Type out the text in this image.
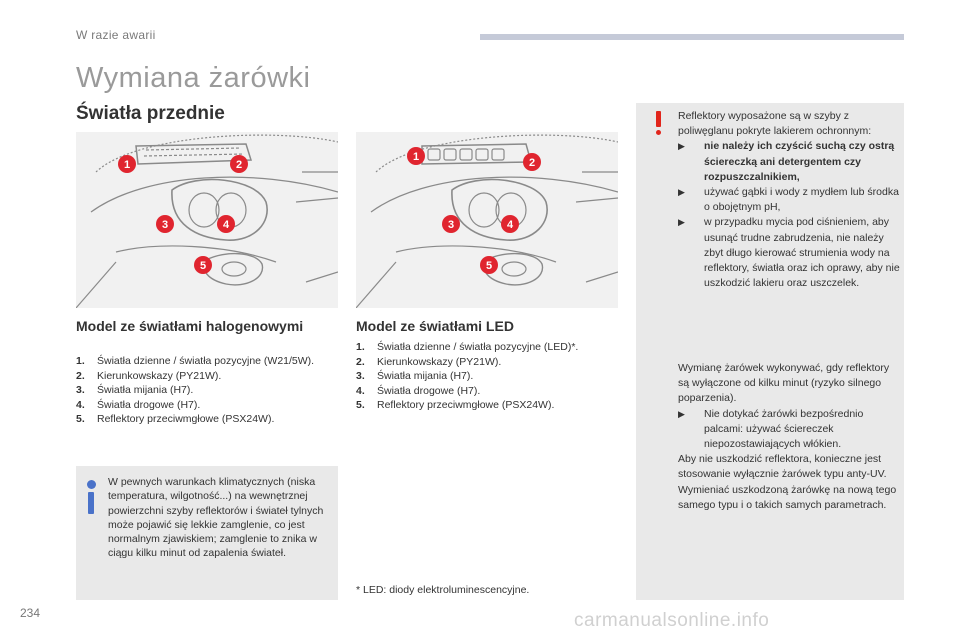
W razie awarii
Wymiana żarówki
Światła przednie
1	2
3	4
5
1	2
3	4
5
Model ze światłami halogenowymi	Model ze światłami LED
1.	Światła dzienne / światła pozycyjne (W21/5W).
2.	Kierunkowskazy (PY21W).
3.	Światła mijania (H7).
4.	Światła drogowe (H7).
5.	Reflektory przeciwmgłowe (PSX24W).
1.	Światła dzienne / światła pozycyjne (LED)*.
2.	Kierunkowskazy (PY21W).
3.	Światła mijania (H7).
4.	Światła drogowe (H7).
5.	Reflektory przeciwmgłowe (PSX24W).
W pewnych warunkach klimatycznych (niska temperatura, wilgotność...) na wewnętrznej powierzchni szyby reflektorów i świateł tylnych może pojawić się lekkie zamglenie, co jest normalnym zjawiskiem; zamglenie to znika w ciągu kilku minut od zapalenia świateł.
* LED: diody elektroluminescencyjne.
Reflektory wyposażone są w szyby z poliwęglanu pokryte lakierem ochronnym:
▶	nie należy ich czyścić suchą czy ostrą ściereczką ani detergentem czy rozpuszczalnikiem,
▶	używać gąbki i wody z mydłem lub środka o obojętnym pH,
▶	w przypadku mycia pod ciśnieniem, aby usunąć trudne zabrudzenia, nie należy zbyt długo kierować strumienia wody na reflektory, światła oraz ich oprawy, aby nie uszkodzić lakieru oraz uszczelek.
Wymianę żarówek wykonywać, gdy reflektory są wyłączone od kilku minut (ryzyko silnego poparzenia).
▶	Nie dotykać żarówki bezpośrednio palcami: używać ściereczek niepozostawiających włókien.
Aby nie uszkodzić reflektora, konieczne jest stosowanie wyłącznie żarówek typu anty-UV.
Wymieniać uszkodzoną żarówkę na nową tego samego typu i o takich samych parametrach.
234	carmanualsonline.info
